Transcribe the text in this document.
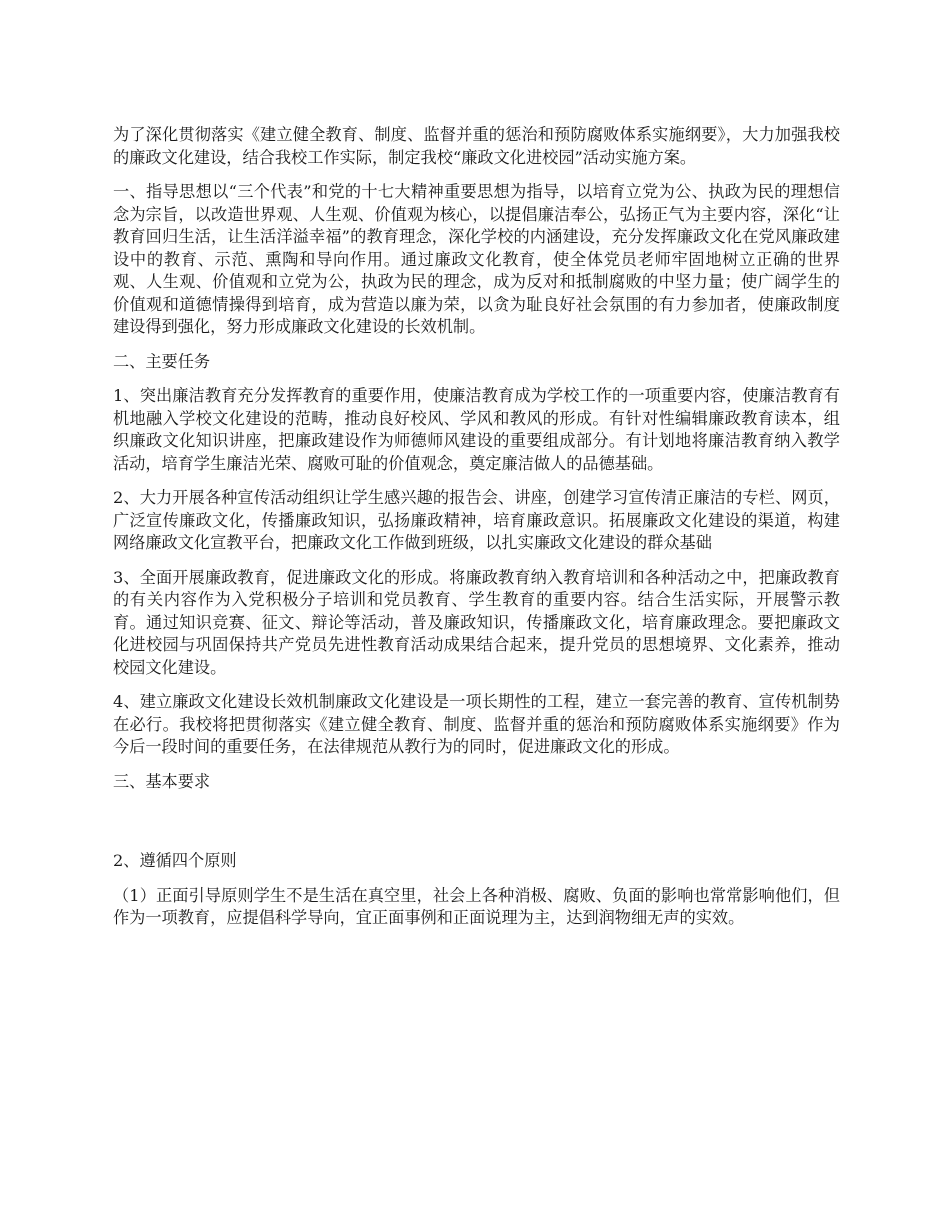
为了深化贯彻落实《建立健全教育、制度、监督并重的惩治和预防腐败体系实施纲要》，大力加强我校的廉政文化建设，结合我校工作实际，制定我校“廉政文化进校园”活动实施方案。

一、指导思想以“三个代表”和党的十七大精神重要思想为指导，以培育立党为公、执政为民的理想信念为宗旨，以改造世界观、人生观、价值观为核心，以提倡廉洁奉公，弘扬正气为主要内容，深化“让教育回归生活，让生活洋溢幸福”的教育理念，深化学校的内涵建设，充分发挥廉政文化在党风廉政建设中的教育、示范、熏陶和导向作用。通过廉政文化教育，使全体党员老师牢固地树立正确的世界观、人生观、价值观和立党为公，执政为民的理念，成为反对和抵制腐败的中坚力量；使广阔学生的价值观和道德情操得到培育，成为营造以廉为荣，以贪为耻良好社会氛围的有力参加者，使廉政制度建设得到强化，努力形成廉政文化建设的长效机制。

二、主要任务

1、突出廉洁教育充分发挥教育的重要作用，使廉洁教育成为学校工作的一项重要内容，使廉洁教育有机地融入学校文化建设的范畴，推动良好校风、学风和教风的形成。有针对性编辑廉政教育读本，组织廉政文化知识讲座，把廉政建设作为师德师风建设的重要组成部分。有计划地将廉洁教育纳入教学活动，培育学生廉洁光荣、腐败可耻的价值观念，奠定廉洁做人的品德基础。

2、大力开展各种宣传活动组织让学生感兴趣的报告会、讲座，创建学习宣传清正廉洁的专栏、网页，广泛宣传廉政文化，传播廉政知识，弘扬廉政精神，培育廉政意识。拓展廉政文化建设的渠道，构建网络廉政文化宣教平台，把廉政文化工作做到班级，以扎实廉政文化建设的群众基础

3、全面开展廉政教育，促进廉政文化的形成。将廉政教育纳入教育培训和各种活动之中，把廉政教育的有关内容作为入党积极分子培训和党员教育、学生教育的重要内容。结合生活实际，开展警示教育。通过知识竞赛、征文、辩论等活动，普及廉政知识，传播廉政文化，培育廉政理念。要把廉政文化进校园与巩固保持共产党员先进性教育活动成果结合起来，提升党员的思想境界、文化素养，推动校园文化建设。

4、建立廉政文化建设长效机制廉政文化建设是一项长期性的工程，建立一套完善的教育、宣传机制势在必行。我校将把贯彻落实《建立健全教育、制度、监督并重的惩治和预防腐败体系实施纲要》作为今后一段时间的重要任务，在法律规范从教行为的同时，促进廉政文化的形成。

三、基本要求

2、遵循四个原则

（1）正面引导原则学生不是生活在真空里，社会上各种消极、腐败、负面的影响也常常影响他们，但作为一项教育，应提倡科学导向，宜正面事例和正面说理为主，达到润物细无声的实效。
